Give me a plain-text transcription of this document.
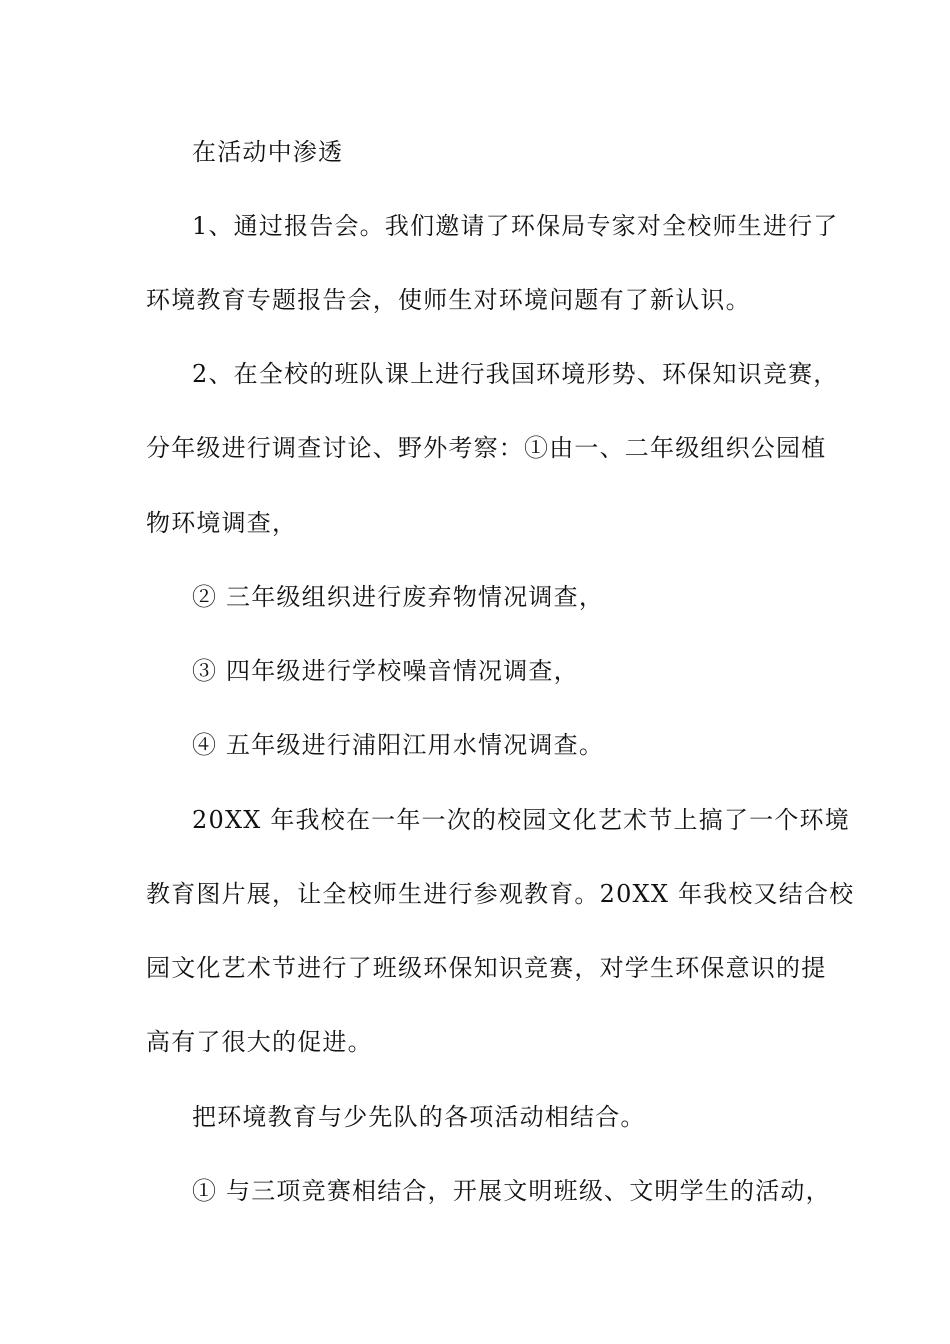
在活动中渗透

1、通过报告会。我们邀请了环保局专家对全校师生进行了

环境教育专题报告会，使师生对环境问题有了新认识。

2、在全校的班队课上进行我国环境形势、环保知识竞赛，

分年级进行调查讨论、野外考察：①由一、二年级组织公园植

物环境调查，

② 三年级组织进行废弃物情况调查，

③ 四年级进行学校噪音情况调查，

④ 五年级进行浦阳江用水情况调查。

20XX 年我校在一年一次的校园文化艺术节上搞了一个环境

教育图片展，让全校师生进行参观教育。20XX 年我校又结合校

园文化艺术节进行了班级环保知识竞赛，对学生环保意识的提

高有了很大的促进。

把环境教育与少先队的各项活动相结合。

① 与三项竞赛相结合，开展文明班级、文明学生的活动，
